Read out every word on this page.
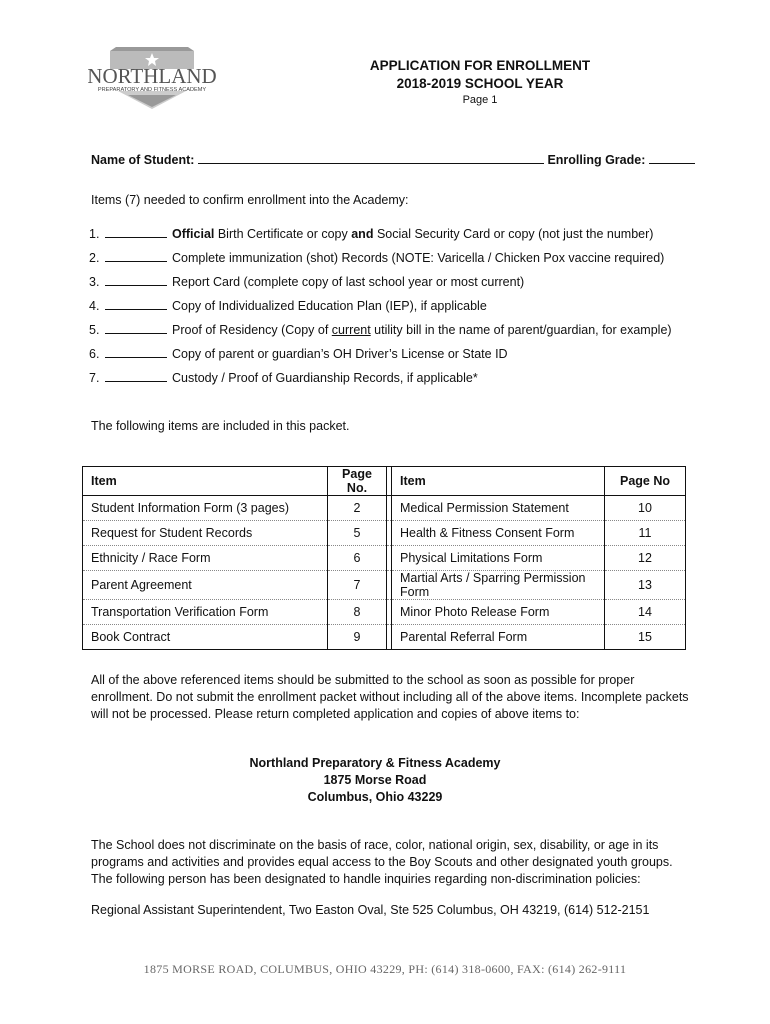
NORTHLAND
PREPARATORY AND FITNESS ACADEMY
APPLICATION FOR ENROLLMENT
2018-2019 SCHOOL YEAR
Page 1
Name of Student:	Enrolling Grade:
Items (7) needed to confirm enrollment into the Academy:
1.	Official Birth Certificate or copy and Social Security Card or copy (not just the number)
2.	Complete immunization (shot) Records (NOTE: Varicella / Chicken Pox vaccine required)
3.	Report Card (complete copy of last school year or most current)
4.	Copy of Individualized Education Plan (IEP), if applicable
5.	Proof of Residency (Copy of current utility bill in the name of parent/guardian, for example)
6.	Copy of parent or guardian’s OH Driver’s License or State ID
7.	Custody / Proof of Guardianship Records, if applicable*
The following items are included in this packet.
Item	Page No.		Item	Page No
Student Information Form (3 pages)	2		Medical Permission Statement	10
Request for Student Records	5		Health & Fitness Consent Form	11
Ethnicity / Race Form	6		Physical Limitations Form	12
Parent Agreement	7		Martial Arts / Sparring Permission Form	13
Transportation Verification Form	8		Minor Photo Release Form	14
Book Contract	9		Parental Referral Form	15
All of the above referenced items should be submitted to the school as soon as possible for proper enrollment. Do not submit the enrollment packet without including all of the above items. Incomplete packets will not be processed. Please return completed application and copies of above items to:
Northland Preparatory & Fitness Academy
1875 Morse Road
Columbus, Ohio 43229
The School does not discriminate on the basis of race, color, national origin, sex, disability, or age in its programs and activities and provides equal access to the Boy Scouts and other designated youth groups. The following person has been designated to handle inquiries regarding non-discrimination policies:
Regional Assistant Superintendent, Two Easton Oval, Ste 525 Columbus, OH 43219, (614) 512-2151
1875 MORSE ROAD, COLUMBUS, OHIO 43229, PH: (614) 318-0600, FAX: (614) 262-9111
